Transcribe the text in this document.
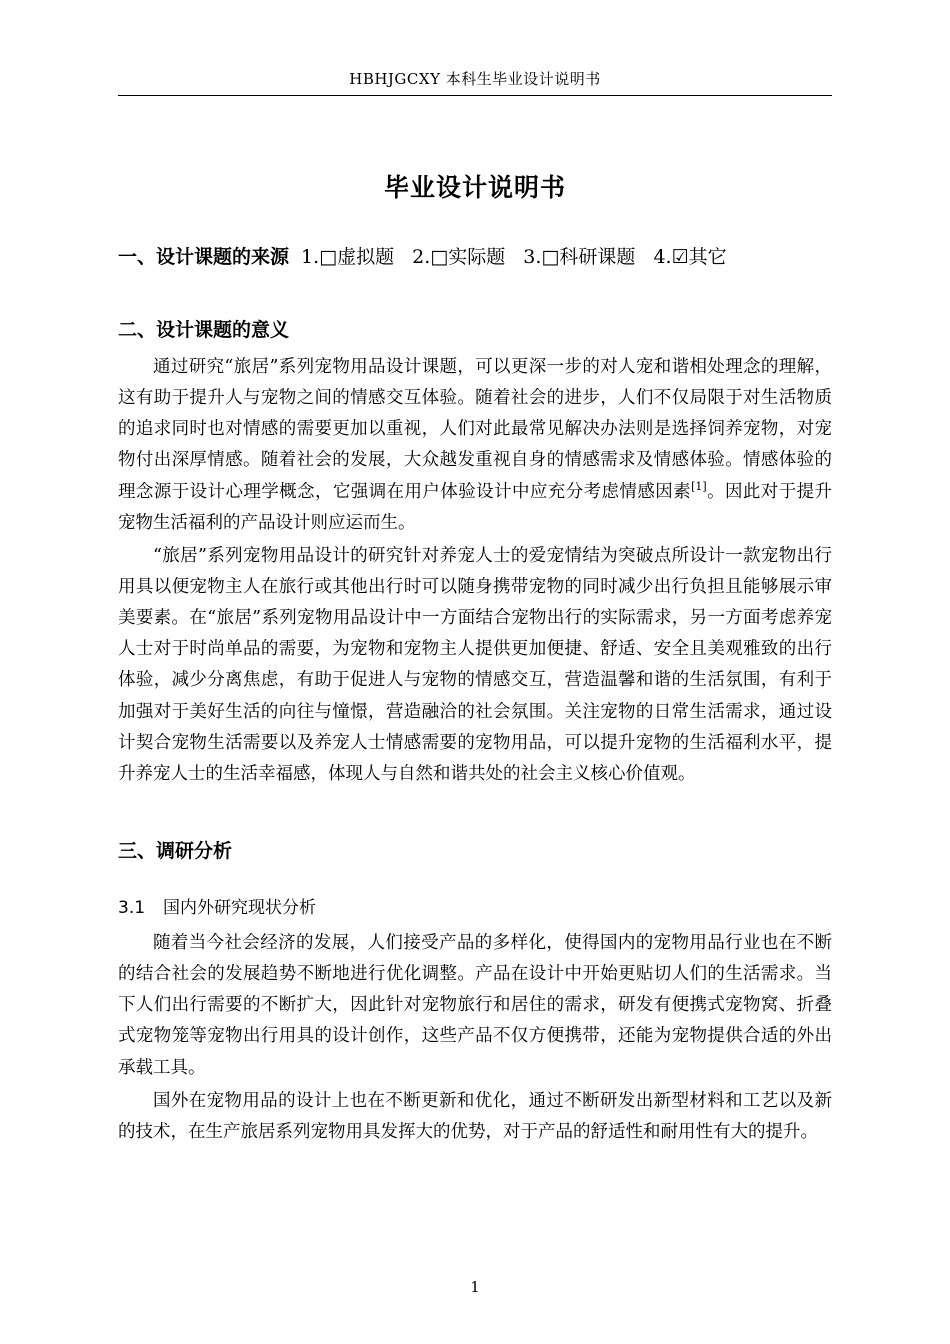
HBHJGCXY 本科生毕业设计说明书
毕业设计说明书
一、设计课题的来源 1.□虚拟题 2.□实际题 3.□科研课题 4.☑其它
二、设计课题的意义

通过研究“旅居”系列宠物用品设计课题，可以更深一步的对人宠和谐相处理念的理解，这有助于提升人与宠物之间的情感交互体验。随着社会的进步，人们不仅局限于对生活物质的追求同时也对情感的需要更加以重视，人们对此最常见解决办法则是选择饲养宠物，对宠物付出深厚情感。随着社会的发展，大众越发重视自身的情感需求及情感体验。情感体验的理念源于设计心理学概念，它强调在用户体验设计中应充分考虑情感因素[1]。因此对于提升宠物生活福利的产品设计则应运而生。

“旅居”系列宠物用品设计的研究针对养宠人士的爱宠情结为突破点所设计一款宠物出行用具以便宠物主人在旅行或其他出行时可以随身携带宠物的同时减少出行负担且能够展示审美要素。在“旅居”系列宠物用品设计中一方面结合宠物出行的实际需求，另一方面考虑养宠人士对于时尚单品的需要，为宠物和宠物主人提供更加便捷、舒适、安全且美观雅致的出行体验，减少分离焦虑，有助于促进人与宠物的情感交互，营造温馨和谐的生活氛围，有利于加强对于美好生活的向往与憧憬，营造融洽的社会氛围。关注宠物的日常生活需求，通过设计契合宠物生活需要以及养宠人士情感需要的宠物用品，可以提升宠物的生活福利水平，提升养宠人士的生活幸福感，体现人与自然和谐共处的社会主义核心价值观。

三、调研分析
3.1 国内外研究现状分析

随着当今社会经济的发展，人们接受产品的多样化，使得国内的宠物用品行业也在不断的结合社会的发展趋势不断地进行优化调整。产品在设计中开始更贴切人们的生活需求。当下人们出行需要的不断扩大，因此针对宠物旅行和居住的需求，研发有便携式宠物窝、折叠式宠物笼等宠物出行用具的设计创作，这些产品不仅方便携带，还能为宠物提供合适的外出承载工具。

国外在宠物用品的设计上也在不断更新和优化，通过不断研发出新型材料和工艺以及新的技术，在生产旅居系列宠物用具发挥大的优势，对于产品的舒适性和耐用性有大的提升。

1
